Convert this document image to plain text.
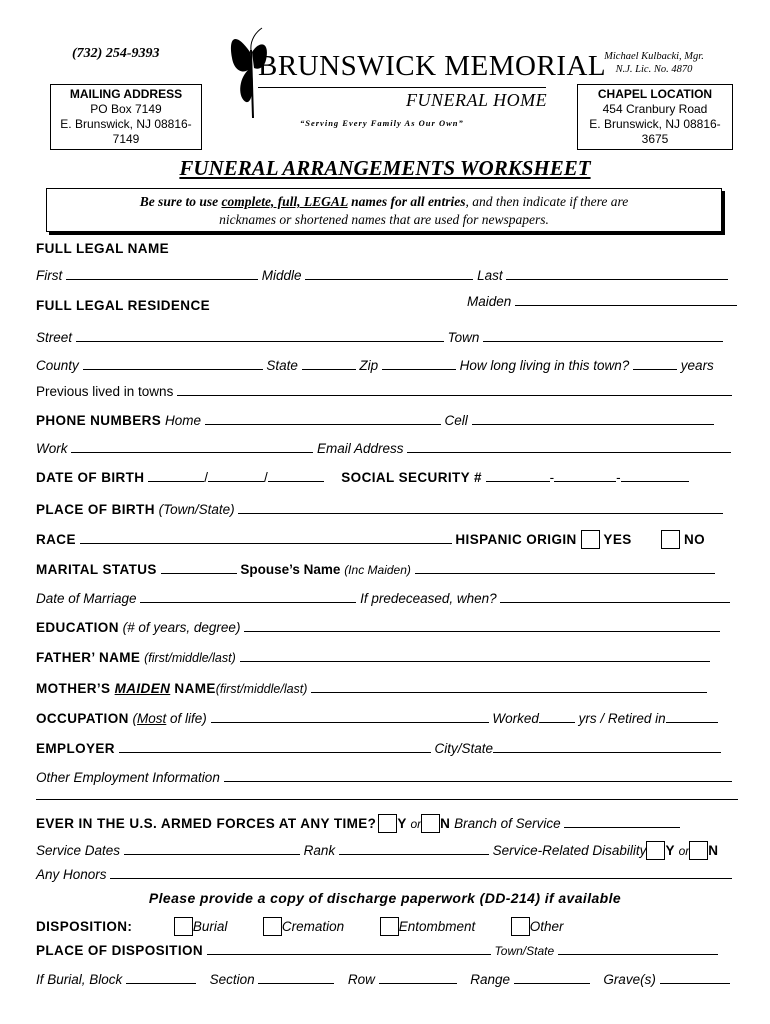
(732) 254-9393
MAILING ADDRESS
PO Box 7149
E. Brunswick, NJ 08816-7149
BRUNSWICK MEMORIAL
FUNERAL HOME
“Serving Every Family As Our Own”
Michael Kulbacki, Mgr.
N.J. Lic. No. 4870
CHAPEL LOCATION
454 Cranbury Road
E. Brunswick, NJ 08816-3675
FUNERAL ARRANGEMENTS WORKSHEET
Be sure to use complete, full, LEGAL names for all entries, and then indicate if there are
nicknames or shortened names that are used for newspapers.
FULL LEGAL NAME
First	Middle	Last
FULL LEGAL RESIDENCE	Maiden
Street	Town
County	State	Zip	How long living in this town?	years
Previous lived in towns
PHONE NUMBERS Home	Cell
Work	Email Address
DATE OF BIRTH	/	/	SOCIAL SECURITY #	-	-
PLACE OF BIRTH (Town/State)
RACE	HISPANIC ORIGIN YES	NO
MARITAL STATUS	Spouse’s Name (Inc Maiden)
Date of Marriage	If predeceased, when?
EDUCATION (# of years, degree)
FATHER’ NAME (first/middle/last)
MOTHER’S MAIDEN NAME(first/middle/last)
OCCUPATION (Most of life)	Worked	yrs / Retired in
EMPLOYER	City/State
Other Employment Information
EVER IN THE U.S. ARMED FORCES AT ANY TIME? Y or N Branch of Service
Service Dates	Rank	Service-Related Disability Y or N
Any Honors
Please provide a copy of discharge paperwork (DD-214) if available
DISPOSITION:	Burial	Cremation	Entombment	Other
PLACE OF DISPOSITION	Town/State
If Burial, Block	Section	Row	Range	Grave(s)
